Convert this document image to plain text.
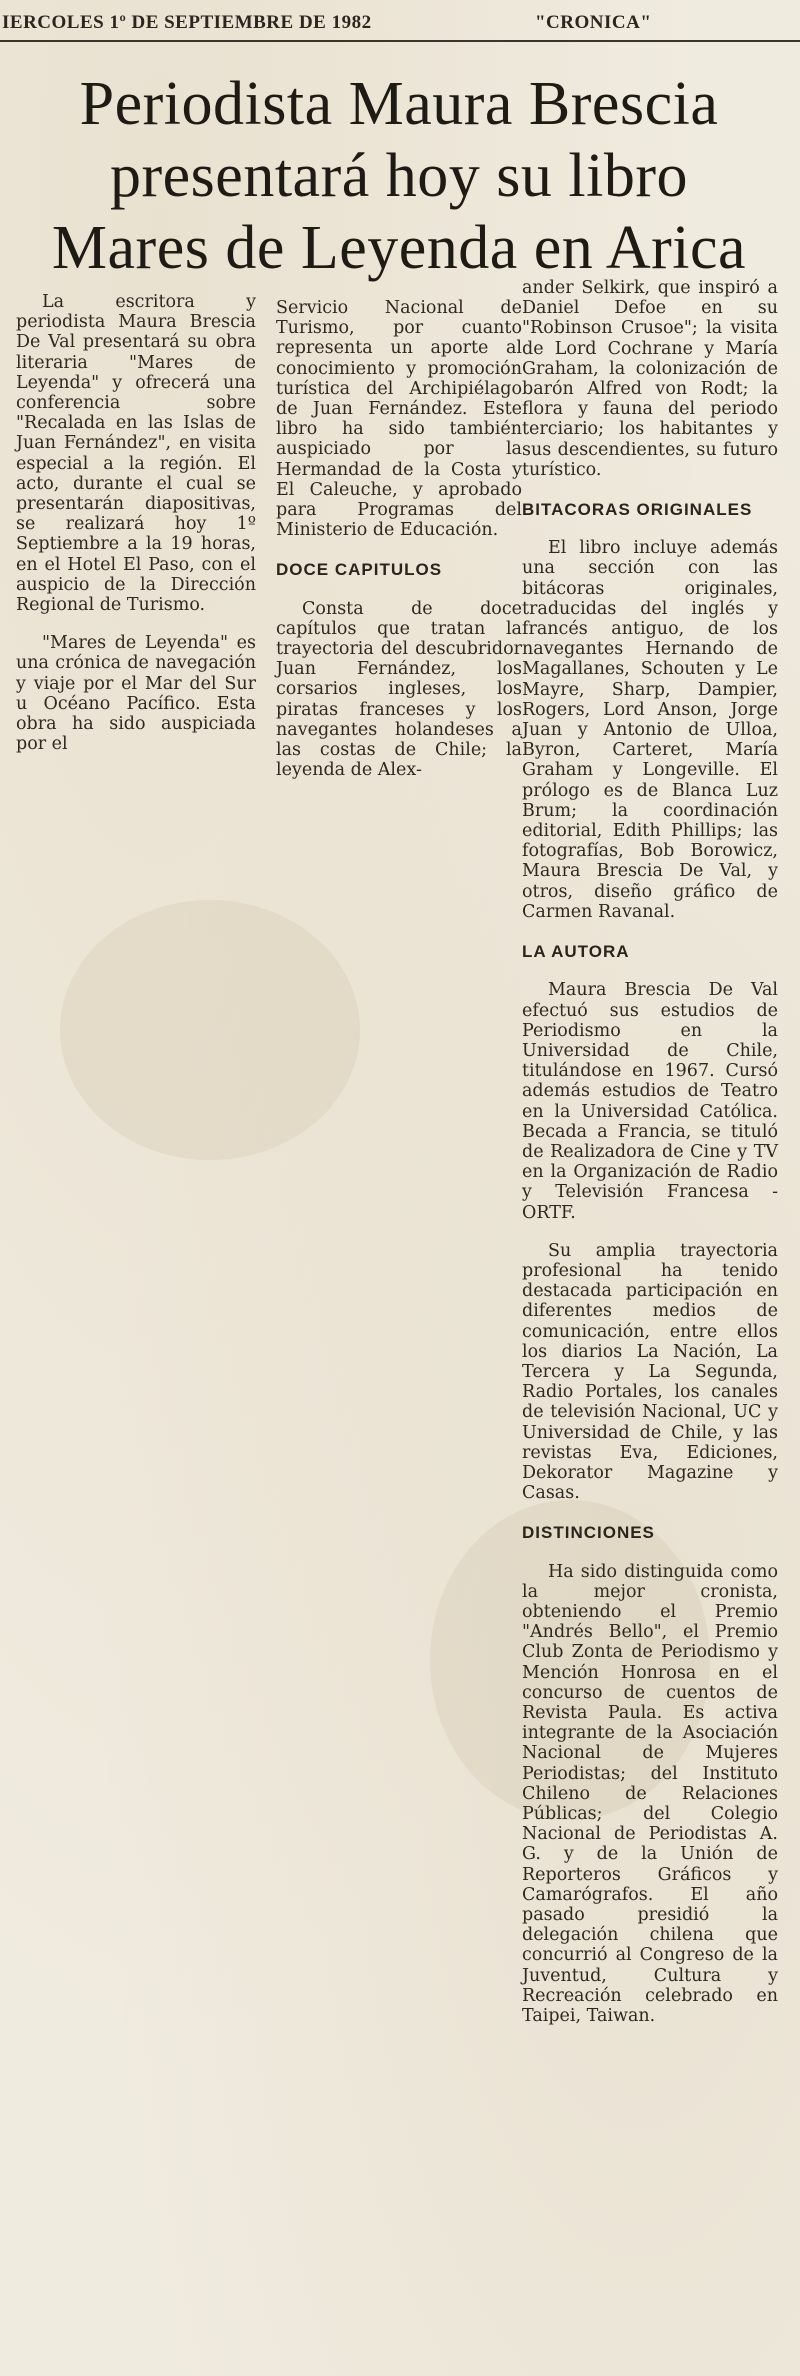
IERCOLES 1º DE SEPTIEMBRE DE 1982	"CRONICA"
Periodista Maura Brescia
presentará hoy su libro
Mares de Leyenda en Arica

La escritora y periodista Maura Brescia De Val presentará su obra literaria "Mares de Leyenda" y ofrecerá una conferencia sobre "Recalada en las Islas de Juan Fernández", en visita especial a la región. El acto, durante el cual se presentarán diapositivas, se realizará hoy 1º Septiembre a la 19 horas, en el Hotel El Paso, con el auspicio de la Dirección Regional de Turismo.

"Mares de Leyenda" es una crónica de navegación y viaje por el Mar del Sur u Océano Pacífico. Esta obra ha sido auspiciada por el

Servicio Nacional de Turismo, por cuanto representa un aporte al conocimiento y promoción turística del Archipiélago de Juan Fernández. Este libro ha sido también auspiciado por la Hermandad de la Costa y El Caleuche, y aprobado para Programas del Ministerio de Educación.

DOCE CAPITULOS

Consta de doce capítulos que tratan la trayectoria del descubridor Juan Fernández, los corsarios ingleses, los piratas franceses y los navegantes holandeses a las costas de Chile; la leyenda de Alex-

ander Selkirk, que inspiró a Daniel Defoe en su "Robinson Crusoe"; la visita de Lord Cochrane y María Graham, la colonización de barón Alfred von Rodt; la flora y fauna del periodo terciario; los habitantes y sus descendientes, su futuro turístico.

BITACORAS ORIGINALES

El libro incluye además una sección con las bitácoras originales, traducidas del inglés y francés antiguo, de los navegantes Hernando de Magallanes, Schouten y Le Mayre, Sharp, Dampier, Rogers, Lord Anson, Jorge Juan y Antonio de Ulloa, Byron, Carteret, María Graham y Longeville. El prólogo es de Blanca Luz Brum; la coordinación editorial, Edith Phillips; las fotografías, Bob Borowicz, Maura Brescia De Val, y otros, diseño gráfico de Carmen Ravanal.

LA AUTORA

Maura Brescia De Val efectuó sus estudios de Periodismo en la Universidad de Chile, titulándose en 1967. Cursó además estudios de Teatro en la Universidad Católica. Becada a Francia, se tituló de Realizadora de Cine y TV en la Organización de Radio y Televisión Francesa - ORTF.

Su amplia trayectoria profesional ha tenido destacada participación en diferentes medios de comunicación, entre ellos los diarios La Nación, La Tercera y La Segunda, Radio Portales, los canales de televisión Nacional, UC y Universidad de Chile, y las revistas Eva, Ediciones, Dekorator Magazine y Casas.

DISTINCIONES

Ha sido distinguida como la mejor cronista, obteniendo el Premio "Andrés Bello", el Premio Club Zonta de Periodismo y Mención Honrosa en el concurso de cuentos de Revista Paula. Es activa integrante de la Asociación Nacional de Mujeres Periodistas; del Instituto Chileno de Relaciones Públicas; del Colegio Nacional de Periodistas A. G. y de la Unión de Reporteros Gráficos y Camarógrafos. El año pasado presidió la delegación chilena que concurrió al Congreso de la Juventud, Cultura y Recreación celebrado en Taipei, Taiwan.
